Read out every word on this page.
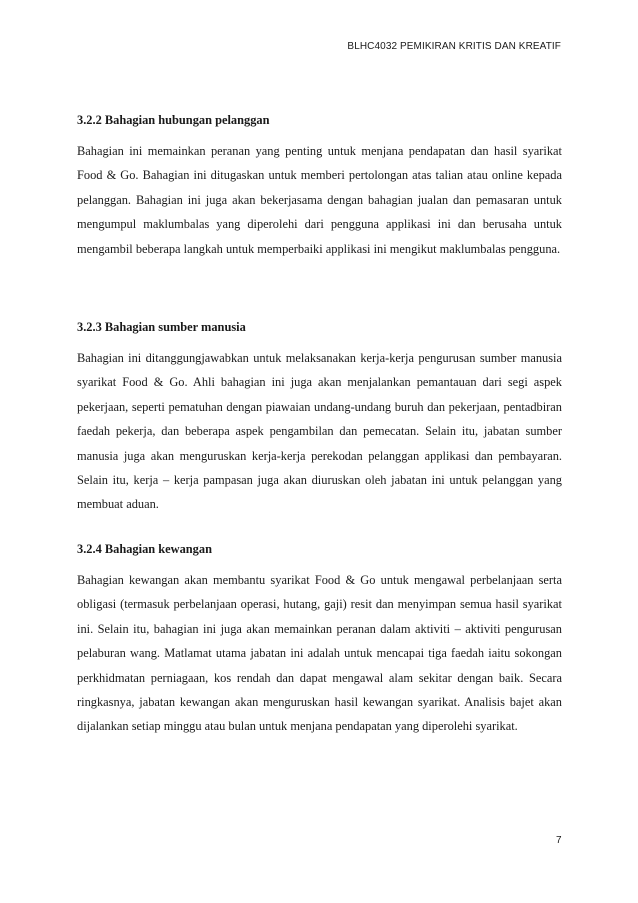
BLHC4032 PEMIKIRAN KRITIS DAN KREATIF

3.2.2 Bahagian hubungan pelanggan

Bahagian ini memainkan peranan yang penting untuk menjana pendapatan dan hasil syarikat Food & Go. Bahagian ini ditugaskan untuk memberi pertolongan atas talian atau online kepada pelanggan. Bahagian ini juga akan bekerjasama dengan bahagian jualan dan pemasaran untuk mengumpul maklumbalas yang diperolehi dari pengguna applikasi ini dan berusaha untuk mengambil beberapa langkah untuk memperbaiki applikasi ini mengikut maklumbalas pengguna.

3.2.3 Bahagian sumber manusia

Bahagian ini ditanggungjawabkan untuk melaksanakan kerja-kerja pengurusan sumber manusia syarikat Food & Go. Ahli bahagian ini juga akan menjalankan pemantauan dari segi aspek pekerjaan, seperti pematuhan dengan piawaian undang-undang buruh dan pekerjaan, pentadbiran faedah pekerja, dan beberapa aspek pengambilan dan pemecatan. Selain itu, jabatan sumber manusia juga akan menguruskan kerja-kerja perekodan pelanggan applikasi dan pembayaran. Selain itu, kerja – kerja pampasan juga akan diuruskan oleh jabatan ini untuk pelanggan yang membuat aduan.

3.2.4 Bahagian kewangan

Bahagian kewangan akan membantu syarikat Food & Go untuk mengawal perbelanjaan serta obligasi (termasuk perbelanjaan operasi, hutang, gaji) resit dan menyimpan semua hasil syarikat ini. Selain itu, bahagian ini juga akan memainkan peranan dalam aktiviti – aktiviti pengurusan pelaburan wang. Matlamat utama jabatan ini adalah untuk mencapai tiga faedah iaitu sokongan perkhidmatan perniagaan, kos rendah dan dapat mengawal alam sekitar dengan baik. Secara ringkasnya, jabatan kewangan akan menguruskan hasil kewangan syarikat. Analisis bajet akan dijalankan setiap minggu atau bulan untuk menjana pendapatan yang diperolehi syarikat.

7
